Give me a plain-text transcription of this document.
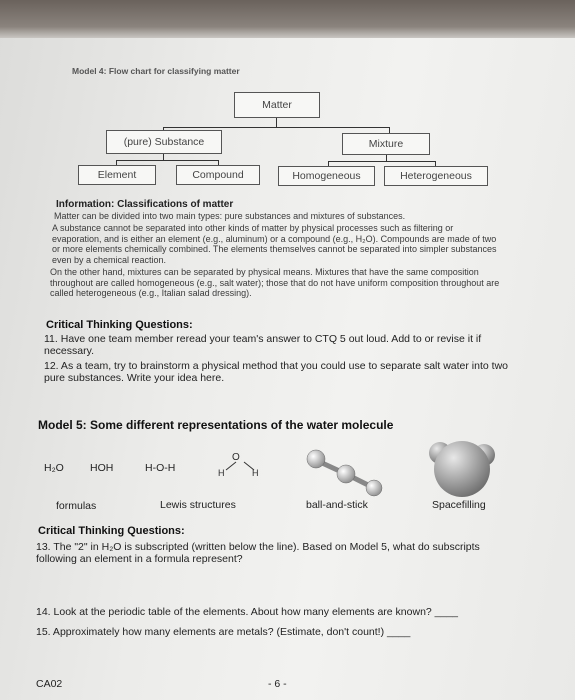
Model 4: Flow chart for classifying matter
Matter
(pure) Substance	Mixture
Element	Compound	Homogeneous	Heterogeneous
Information: Classifications of matter
Matter can be divided into two main types: pure substances and mixtures of substances.
A substance cannot be separated into other kinds of matter by physical processes such as filtering or evaporation, and is either an element (e.g., aluminum) or a compound (e.g., H₂O). Compounds are made of two or more elements chemically combined. The elements themselves cannot be separated into simpler substances even by a chemical reaction.
On the other hand, mixtures can be separated by physical means. Mixtures that have the same composition throughout are called homogeneous (e.g., salt water); those that do not have uniform composition throughout are called heterogeneous (e.g., Italian salad dressing).
Critical Thinking Questions:
11. Have one team member reread your team's answer to CTQ 5 out loud. Add to or revise it if necessary.
12. As a team, try to brainstorm a physical method that you could use to separate salt water into two pure substances. Write your idea here.
Model 5: Some different representations of the water molecule
H₂O HOH	H-O-H
O
H	H
formulas	Lewis structures	ball-and-stick	Spacefilling
Critical Thinking Questions:
13. The "2" in H₂O is subscripted (written below the line). Based on Model 5, what do subscripts following an element in a formula represent?
14. Look at the periodic table of the elements. About how many elements are known? ____
15. Approximately how many elements are metals? (Estimate, don't count!) ____
CA02	- 6 -
